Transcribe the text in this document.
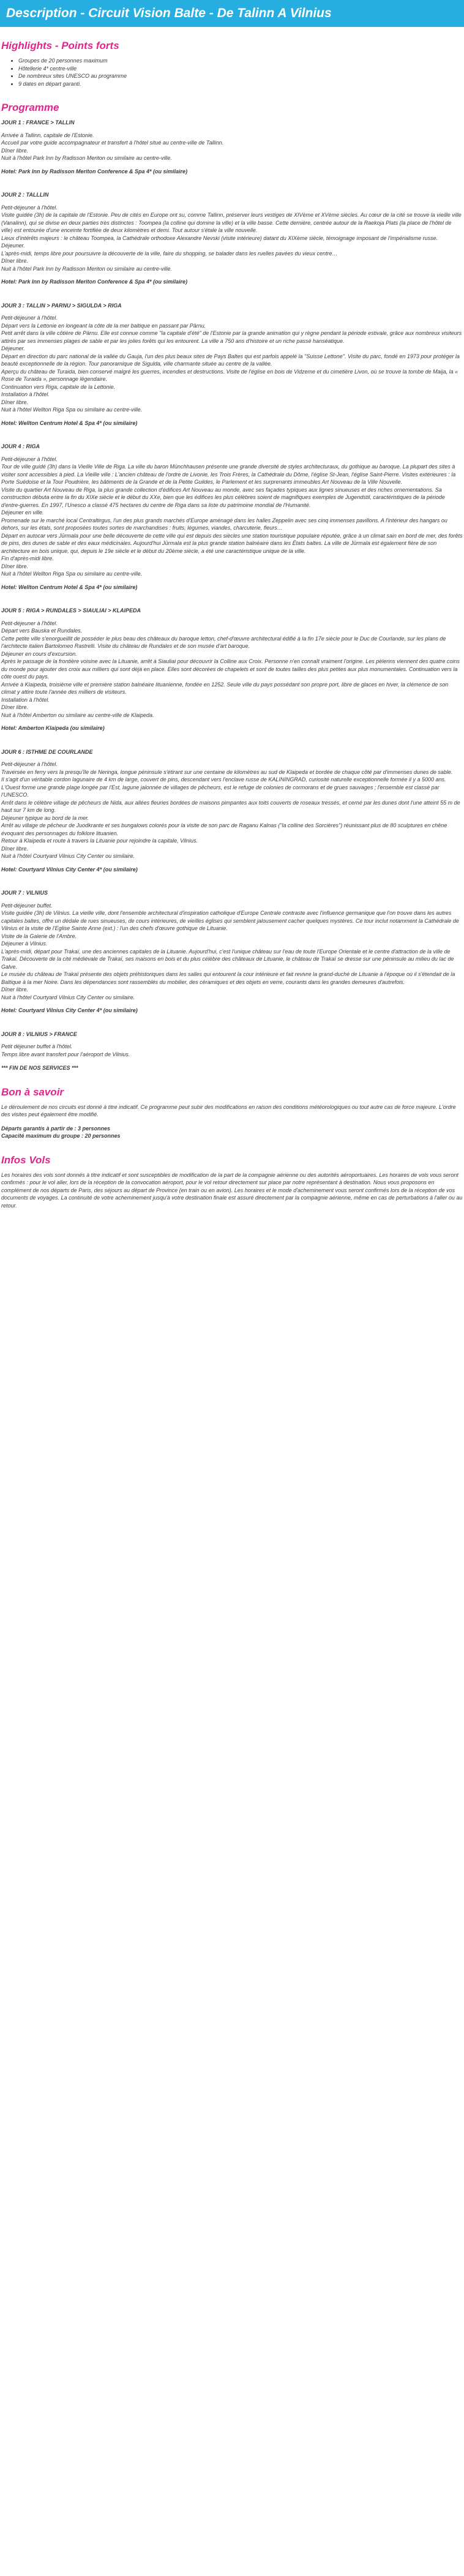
Description - Circuit Vision Balte - De Talinn A Vilnius
Highlights - Points forts
• Groupes de 20 personnes maximum
• Hôtellerie 4* centre-ville
• De nombreux sites UNESCO au programme
• 9 dates en départ garanti.
Programme
JOUR 1 : FRANCE > TALLIN

Arrivée à Tallinn, capitale de l'Estonie.

Accueil par votre guide accompagnateur et transfert à l'hôtel situé au centre-ville de Tallinn.

Dîner libre.

Nuit à l'hôtel Park Inn by Radisson Meriton ou similaire au centre-ville.

Hotel: Park Inn by Radisson Meriton Conference & Spa 4* (ou similaire)
JOUR 2 : TALLLIN

Petit-déjeuner à l'hôtel.

Visite guidée (3h) de la capitale de l'Estonie. Peu de cités en Europe ont su, comme Tallinn, préserver leurs vestiges de XIVème et XVème siècles. Au cœur de la cité se trouve la vieille ville (Vanalinn), qui se divise en deux parties très distinctes : Toompea (la colline qui domine la ville) et la ville basse. Cette dernière, centrée autour de la Raekoja Plats (la place de l'hôtel de ville) est entourée d'une enceinte fortifiée de deux kilomètres et demi. Tout autour s'étale la ville nouvelle.

Lieux d'intérêts majeurs : le château Toompea, la Cathédrale orthodoxe Alexandre Nevski (visite intérieure) datant du XIXème siècle, témoignage imposant de l'impérialisme russe.

Déjeuner.

L'après-midi, temps libre pour poursuivre la découverte de la ville, faire du shopping, se balader dans les ruelles pavées du vieux centre…

Dîner libre.

Nuit à l'hôtel Park Inn by Radisson Meriton ou similaire au centre-ville.

Hotel: Park Inn by Radisson Meriton Conference & Spa 4* (ou similaire)
JOUR 3 : TALLIN > PARNU > SIGULDA > RIGA

Petit-déjeuner à l'hôtel.

Départ vers la Lettonie en longeant la côte de la mer baltique en passant par Pärnu.

Petit arrêt dans la ville côtière de Pärnu. Elle est connue comme "la capitale d'été" de l'Estonie par la grande animation qui y règne pendant la période estivale, grâce aux nombreux visiteurs attirés par ses immenses plages de sable et par les jolies forêts qui les entourent. La ville a 750 ans d'histoire et un riche passé hanséatique.

Déjeuner.

Départ en direction du parc national de la vallée du Gauja, l'un des plus beaux sites de Pays Baltes qui est parfois appelé la "Suisse Lettone". Visite du parc, fondé en 1973 pour protéger la beauté exceptionnelle de la région. Tour panoramique de Sigulda, ville charmante située au centre de la vallée.

Aperçu du château de Turaida, bien conservé malgré les guerres, incendies et destructions. Visite de l'église en bois de Vidzeme et du cimetière Livon, où se trouve la tombe de Maija, la « Rose de Turaida », personnage légendaire.

Continuation vers Riga, capitale de la Lettonie.

Installation à l'hôtel.

Dîner libre.

Nuit à l'hôtel Wellton Riga Spa ou similaire au centre-ville.

Hotel: Wellton Centrum Hotel & Spa 4* (ou similaire)
JOUR 4 : RIGA

Petit-déjeuner à l'hôtel.

Tour de ville guidé (3h) dans la Vieille Ville de Riga. La ville du baron Münchhausen présente une grande diversité de styles architecturaux, du gothique au baroque. La plupart des sites à visiter sont accessibles à pied. La Vieille ville : L'ancien château de l'ordre de Livonie, les Trois Frères, la Cathédrale du Dôme, l'église St-Jean, l'église Saint-Pierre. Visites extérieures : la Porte Suédoise et la Tour Poudrière, les bâtiments de la Grande et de la Petite Guildes, le Parlement et les surprenants immeubles Art Nouveau de la Ville Nouvelle.

Visite du quartier Art Nouveau de Riga, la plus grande collection d'édifices Art Nouveau au monde, avec ses façades typiques aux lignes sinueuses et des riches ornementations. Sa construction débuta entre la fin du XIXe siècle et le début du XXe, bien que les édifices les plus célèbres soient de magnifiques exemples de Jugendstil, caractéristiques de la période d'entre-guerres. En 1997, l'Unesco a classé 475 hectares du centre de Riga dans sa liste du patrimoine mondial de l'Humanité.

Déjeuner en ville.

Promenade sur le marché local Centraltirgus, l'un des plus grands marchés d'Europe aménagé dans les halles Zeppelin avec ses cinq immenses pavillons. A l'intérieur des hangars ou dehors, sur les étals, sont proposées toutes sortes de marchandises : fruits, légumes, viandes, charcuterie, fleurs…

Départ en autocar vers Jūrmala pour une belle découverte de cette ville qui est depuis des siècles une station touristique populaire réputée, grâce à un climat sain en bord de mer, des forêts de pins, des dunes de sable et des eaux médicinales. Aujourd'hui Jūrmala est la plus grande station balnéaire dans les États baltes. La ville de Jūrmala est également fière de son architecture en bois unique, qui, depuis le 19e siècle et le début du 20ème siècle, a été une caractéristique unique de la ville.

Fin d'après-midi libre.

Dîner libre.

Nuit à l'hôtel Wellton Riga Spa ou similaire au centre-ville.

Hotel: Wellton Centrum Hotel & Spa 4* (ou similaire)
JOUR 5 : RIGA > RUNDALES > SIAULIAI > KLAIPEDA

Petit-déjeuner à l'hôtel.

Départ vers Bauska et Rundales.

Cette petite ville s'enorgueillit de posséder le plus beau des châteaux du baroque letton, chef-d'œuvre architectural édifié à la fin 17e siècle pour le Duc de Courlande, sur les plans de l'architecte italien Bartolomeo Rastrelli. Visite du château de Rundales et de son musée d'art baroque.

Déjeuner en cours d'excursion.

Après le passage de la frontière voisine avec la Lituanie, arrêt à Siauliai pour découvrir la Colline aux Croix. Personne n'en connaît vraiment l'origine. Les pèlerins viennent des quatre coins du monde pour ajouter des croix aux milliers qui sont déjà en place. Elles sont décorées de chapelets et sont de toutes tailles des plus petites aux plus monumentales. Continuation vers la côte ouest du pays.

Arrivée à Klaipeda, troisième ville et première station balnéaire lituanienne, fondée en 1252. Seule ville du pays possédant son propre port, libre de glaces en hiver, la clémence de son climat y attire toute l'année des milliers de visiteurs.

Installation à l'hôtel.

Dîner libre.

Nuit à l'hôtel Amberton ou similaire au centre-ville de Klaipeda.

Hotel: Amberton Klaipeda (ou similaire)
JOUR 6 : ISTHME DE COURLANDE

Petit-déjeuner à l'hôtel.

Traversée en ferry vers la presqu'île de Neringa, longue péninsule s'étirant sur une centaine de kilomètres au sud de Klaipeda et bordée de chaque côté par d'immenses dunes de sable.

Il s'agit d'un véritable cordon lagunaire de 4 km de large, couvert de pins, descendant vers l'enclave russe de KALININGRAD, curiosité naturelle exceptionnelle formée il y a 5000 ans. L'Ouest forme une grande plage longée par l'Est, lagune jalonnée de villages de pêcheurs, est le refuge de colonies de cormorans et de grues sauvages ; l'ensemble est classé par l'UNESCO.

Arrêt dans le célèbre village de pêcheurs de Nida, aux allées fleuries bordées de maisons pimpantes aux toits couverts de roseaux tressés, et cerné par les dunes dont l'une atteint 55 m de haut sur 7 km de long.

Déjeuner typique au bord de la mer.

Arrêt au village de pêcheur de Juodkrante et ses bungalows colorés pour la visite de son parc de Raganu Kalnas ("la colline des Sorcières") réunissant plus de 80 sculptures en chêne évoquant des personnages du folklore lituanien.

Retour à Klaipeda et route à travers la Lituanie pour rejoindre la capitale, Vilnius.

Dîner libre.

Nuit à l'hôtel Courtyard Vilnius City Center ou similaire.

Hotel: Courtyard Vilnius City Center 4* (ou similaire)
JOUR 7 : VILNIUS

Petit-déjeuner buffet.

Visite guidée (3h) de Vilnius. La vieille ville, dont l'ensemble architectural d'inspiration catholique d'Europe Centrale contraste avec l'influence germanique que l'on trouve dans les autres capitales baltes, offre un dédale de rues sinueuses, de cours intérieures, de vieilles églises qui semblent jalousement cacher quelques mystères. Ce tour inclut notamment la Cathédrale de Vilnius et la visite de l'Eglise Sainte Anne (ext.) : l'un des chefs d'œuvre gothique de Lituanie.

Visite de la Galerie de l'Ambre.

Déjeuner à Vilnius.

L'après-midi, départ pour Trakaï, une des anciennes capitales de la Lituanie. Aujourd'hui, c'est l'unique château sur l'eau de toute l'Europe Orientale et le centre d'attraction de la ville de Trakaï. Découverte de la cité médiévale de Trakaï, ses maisons en bois et du plus célèbre des châteaux de Lituanie, le château de Trakaï se dresse sur une péninsule au milieu du lac de Galve.

Le musée du château de Trakaï présente des objets préhistoriques dans les salles qui entourent la cour intérieure et fait revivre la grand-duché de Lituanie à l'époque où il s'étendait de la Baltique à la mer Noire. Dans les dépendances sont rassemblés du mobilier, des céramiques et des objets en verre, courants dans les grandes demeures d'autrefois.

Dîner libre.

Nuit à l'hôtel Courtyard Vilnius City Center ou similaire.

Hotel: Courtyard Vilnius City Center 4* (ou similaire)
JOUR 8 : VILNIUS > FRANCE

Petit déjeuner buffet à l'hôtel.

Temps libre avant transfert pour l'aéroport de Vilnius.

*** FIN DE NOS SERVICES ***
Bon à savoir

Le déroulement de nos circuits est donné à titre indicatif. Ce programme peut subir des modifications en raison des conditions météorologiques ou tout autre cas de force majeure. L'ordre des visites peut également être modifié.

Départs garantis à partir de : 3 personnes
Capacité maximum du groupe : 20 personnes
Infos Vols

Les horaires des vols sont donnés à titre indicatif et sont susceptibles de modification de la part de la compagnie aérienne ou des autorités aéroportuaires. Les horaires de vols vous seront confirmés : pour le vol aller, lors de la réception de la convocation aéroport, pour le vol retour directement sur place par notre représentant à destination. Nous vous proposons en complément de nos départs de Paris, des séjours au départ de Province (en train ou en avion). Les horaires et le mode d'acheminement vous seront confirmés lors de la réception de vos documents de voyages. La continuité de votre acheminement jusqu'à votre destination finale est assuré directement par la compagnie aérienne, même en cas de perturbations à l'aller ou au retour.
